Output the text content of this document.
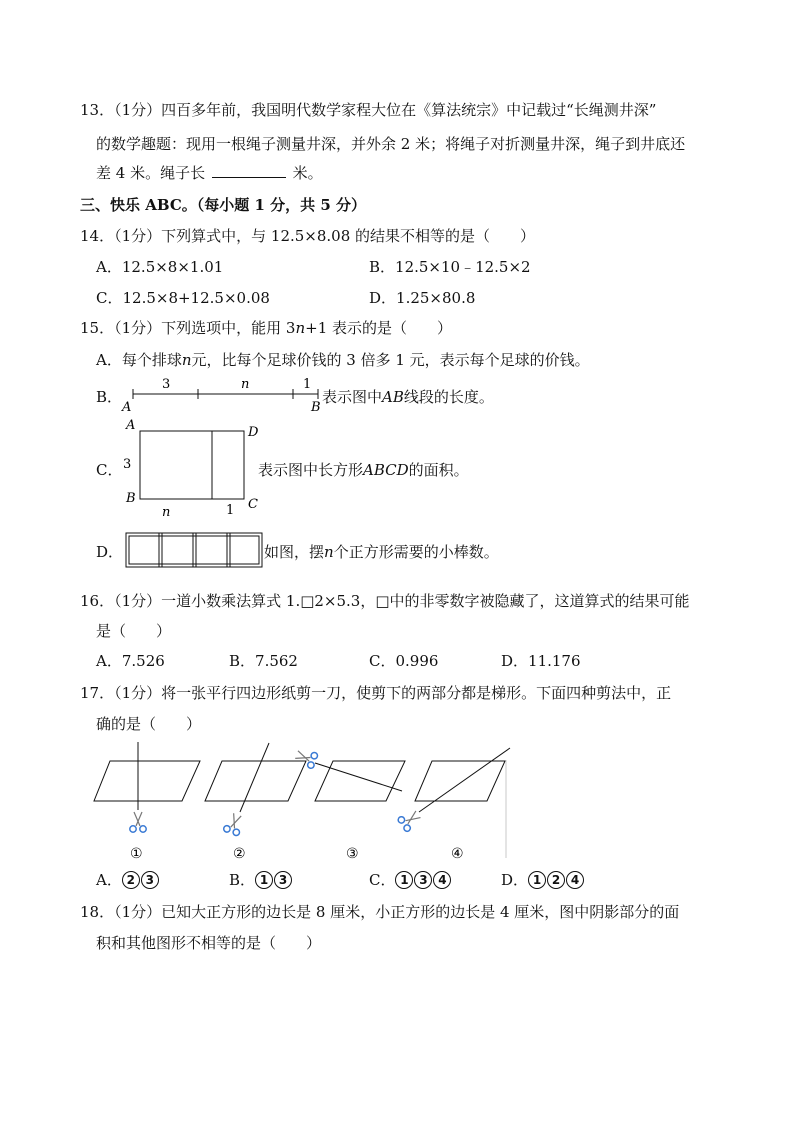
13．（1分）四百多年前，我国明代数学家程大位在《算法统宗》中记载过“长绳测井深”
的数学趣题：现用一根绳子测量井深，并外余 2 米；将绳子对折测量井深，绳子到井底还
差 4 米。绳子长	米。
三、快乐 ABC。（每小题 1 分，共 5 分）
14．（1分）下列算式中，与 12.5×8.08 的结果不相等的是（　　）
A．12.5×8×1.01	B．12.5×10﹣12.5×2
C．12.5×8+12.5×0.08	D．1.25×80.8
15．（1分）下列选项中，能用 3n+1 表示的是（　　）
A．每个排球n元，比每个足球价钱的 3 倍多 1 元，表示每个足球的价钱。
B．
3	n	1
A	B
表示图中AB线段的长度。
C．
A	D
B	C
3
n	1
表示图中长方形ABCD的面积。
D．	如图，摆n个正方形需要的小棒数。
16．（1分）一道小数乘法算式 1.□2×5.3，□中的非零数字被隐藏了，这道算式的结果可能
是（　　）
A．7.526	B．7.562	C．0.996	D．11.176
17．（1分）将一张平行四边形纸剪一刀，使剪下的两部分都是梯形。下面四种剪法中，正
确的是（　　）
①	②	③	④
A． 2 3	B． 1 3	C． 1 3 4	D． 1 2 4
18．（1分）已知大正方形的边长是 8 厘米，小正方形的边长是 4 厘米，图中阴影部分的面
积和其他图形不相等的是（　　）
